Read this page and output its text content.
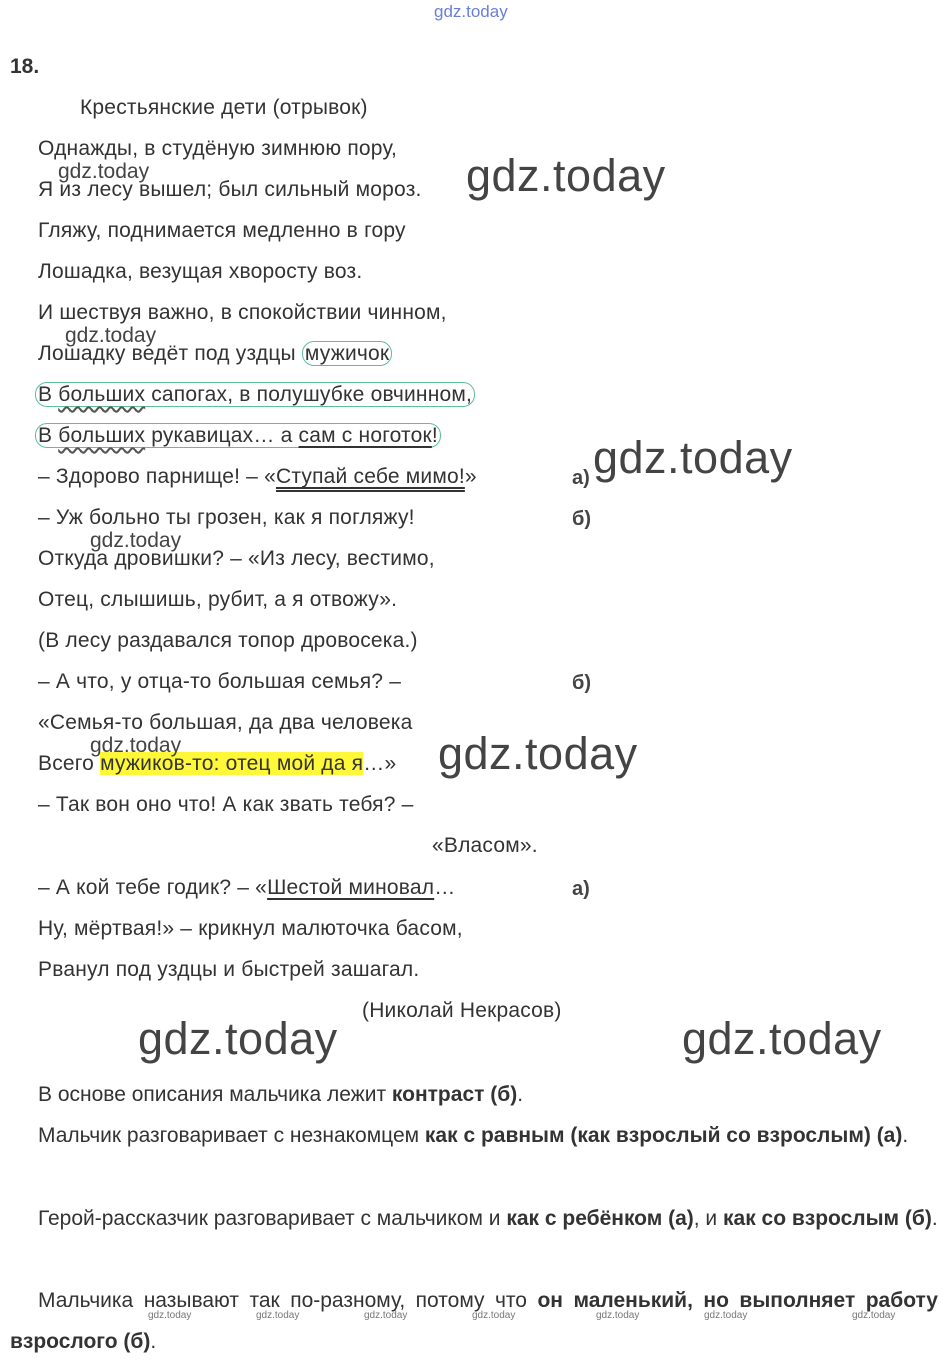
gdz.today
18.
Крестьянские дети (отрывок)
Однажды, в студёную зимнюю пору,
Я из лесу вышел; был сильный мороз.
Гляжу, поднимается медленно в гору
Лошадка, везущая хворосту воз.
И шествуя важно, в спокойствии чинном,
Лошадку ведёт под уздцы мужичок
В больших сапогах, в полушубке овчинном,
В больших рукавицах… а сам с ноготок!
– Здорово парнище! – «Ступай себе мимо!»	а)
– Уж больно ты грозен, как я погляжу!	б)
Откуда дровишки? – «Из лесу, вестимо,
Отец, слышишь, рубит, а я отвожу».
(В лесу раздавался топор дровосека.)
– А что, у отца-то большая семья? –	б)
«Семья-то большая, да два человека
Всего мужиков-то: отец мой да я…»
– Так вон оно что! А как звать тебя? –
«Власом».
– А кой тебе годик? – «Шестой миновал…	а)
Ну, мёртвая!» – крикнул малюточка басом,
Рванул под уздцы и быстрей зашагал.
(Николай Некрасов)
В основе описания мальчика лежит контраст (б).
Мальчик разговаривает с незнакомцем как с равным (как взрослый со взрослым) (а).
Герой-рассказчик разговаривает с мальчиком и как с ребёнком (а), и как со взрослым (б).
Мальчика называют так по-разному, потому что он маленький, но выполняет работу взрослого (б).
gdz.today	gdz.today
gdz.today
gdz.today
gdz.today
gdz.today	gdz.today
gdz.today	gdz.today
gdz.today	gdz.today	gdz.today	gdz.today	gdz.today	gdz.today	gdz.today
